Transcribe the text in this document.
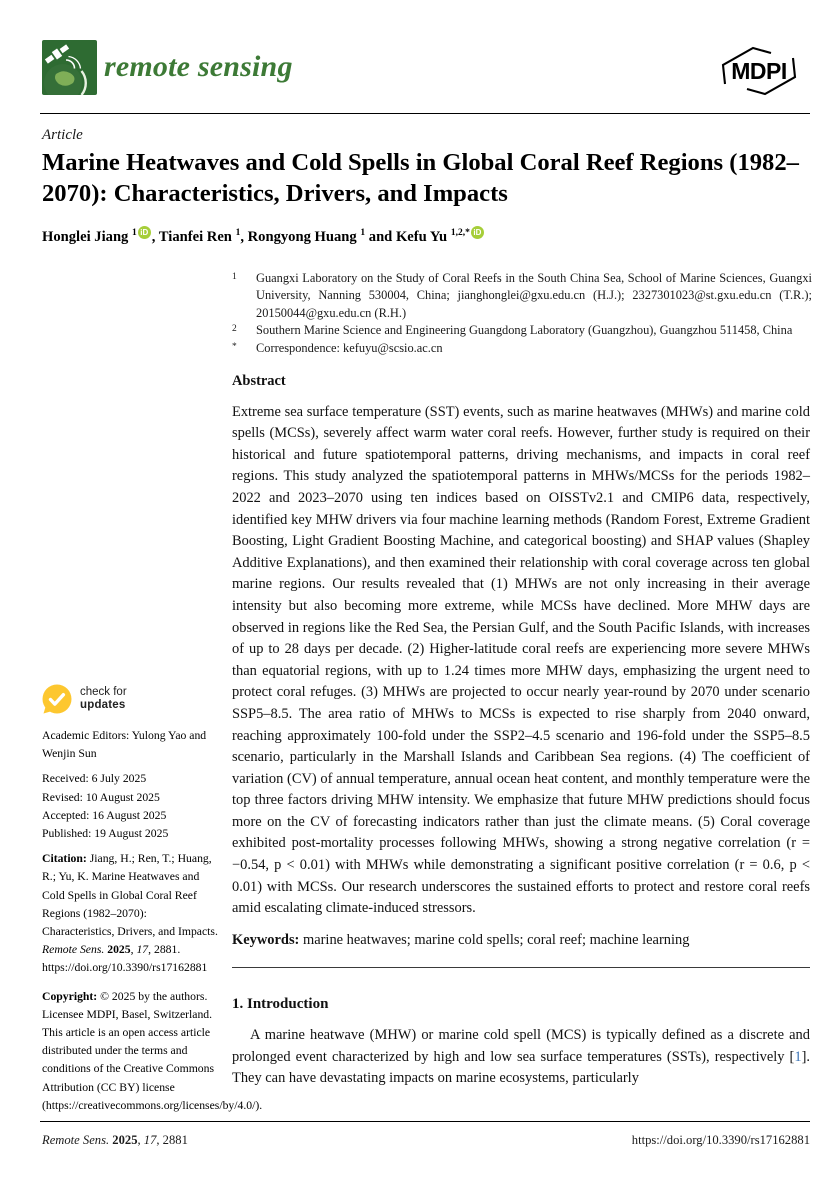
remote sensing	MDPI
Article
Marine Heatwaves and Cold Spells in Global Coral Reef Regions (1982–2070): Characteristics, Drivers, and Impacts
Honglei Jiang $^1$ iD , Tianfei Ren $^1$, Rongyong Huang $^1$ and Kefu Yu $^{1,2,*}$ iD
1	Guangxi Laboratory on the Study of Coral Reefs in the South China Sea, School of Marine Sciences, Guangxi University, Nanning 530004, China; jianghonglei@gxu.edu.cn (H.J.); 2327301023@st.gxu.edu.cn (T.R.); 20150044@gxu.edu.cn (R.H.)
2	Southern Marine Science and Engineering Guangdong Laboratory (Guangzhou), Guangzhou 511458, China
*	Correspondence: kefuyu@scsio.ac.cn
check for
updates
Academic Editors: Yulong Yao and Wenjin Sun

Received: 6 July 2025

Revised: 10 August 2025

Accepted: 16 August 2025

Published: 19 August 2025

Citation: Jiang, H.; Ren, T.; Huang, R.; Yu, K. Marine Heatwaves and Cold Spells in Global Coral Reef Regions (1982–2070): Characteristics, Drivers, and Impacts. Remote Sens. 2025, 17, 2881. https://doi.org/10.3390/rs17162881
Copyright: © 2025 by the authors. Licensee MDPI, Basel, Switzerland. This article is an open access article distributed under the terms and conditions of the Creative Commons Attribution (CC BY) license (https://creativecommons.org/licenses/by/4.0/).

Abstract

Extreme sea surface temperature (SST) events, such as marine heatwaves (MHWs) and marine cold spells (MCSs), severely affect warm water coral reefs. However, further study is required on their historical and future spatiotemporal patterns, driving mechanisms, and impacts in coral reef regions. This study analyzed the spatiotemporal patterns in MHWs/MCSs for the periods 1982–2022 and 2023–2070 using ten indices based on OISSTv2.1 and CMIP6 data, respectively, identified key MHW drivers via four machine learning methods (Random Forest, Extreme Gradient Boosting, Light Gradient Boosting Machine, and categorical boosting) and SHAP values (Shapley Additive Explanations), and then examined their relationship with coral coverage across ten global marine regions. Our results revealed that (1) MHWs are not only increasing in their average intensity but also becoming more extreme, while MCSs have declined. More MHW days are observed in regions like the Red Sea, the Persian Gulf, and the South Pacific Islands, with increases of up to 28 days per decade. (2) Higher-latitude coral reefs are experiencing more severe MHWs than equatorial regions, with up to 1.24 times more MHW days, emphasizing the urgent need to protect coral refuges. (3) MHWs are projected to occur nearly year-round by 2070 under scenario SSP5–8.5. The area ratio of MHWs to MCSs is expected to rise sharply from 2040 onward, reaching approximately 100-fold under the SSP2–4.5 scenario and 196-fold under the SSP5–8.5 scenario, particularly in the Marshall Islands and Caribbean Sea regions. (4) The coefficient of variation (CV) of annual temperature, annual ocean heat content, and monthly temperature were the top three factors driving MHW intensity. We emphasize that future MHW predictions should focus more on the CV of forecasting indicators rather than just the climate means. (5) Coral coverage exhibited post-mortality processes following MHWs, showing a strong negative correlation (r = −0.54, p < 0.01) with MHWs while demonstrating a significant positive correlation (r = 0.6, p < 0.01) with MCSs. Our research underscores the sustained efforts to protect and restore coral reefs amid escalating climate-induced stressors.

Keywords: marine heatwaves; marine cold spells; coral reef; machine learning

1. Introduction

A marine heatwave (MHW) or marine cold spell (MCS) is typically defined as a discrete and prolonged event characterized by high and low sea surface temperatures (SSTs), respectively [1]. They can have devastating impacts on marine ecosystems, particularly

Remote Sens. 2025, 17, 2881	https://doi.org/10.3390/rs17162881
